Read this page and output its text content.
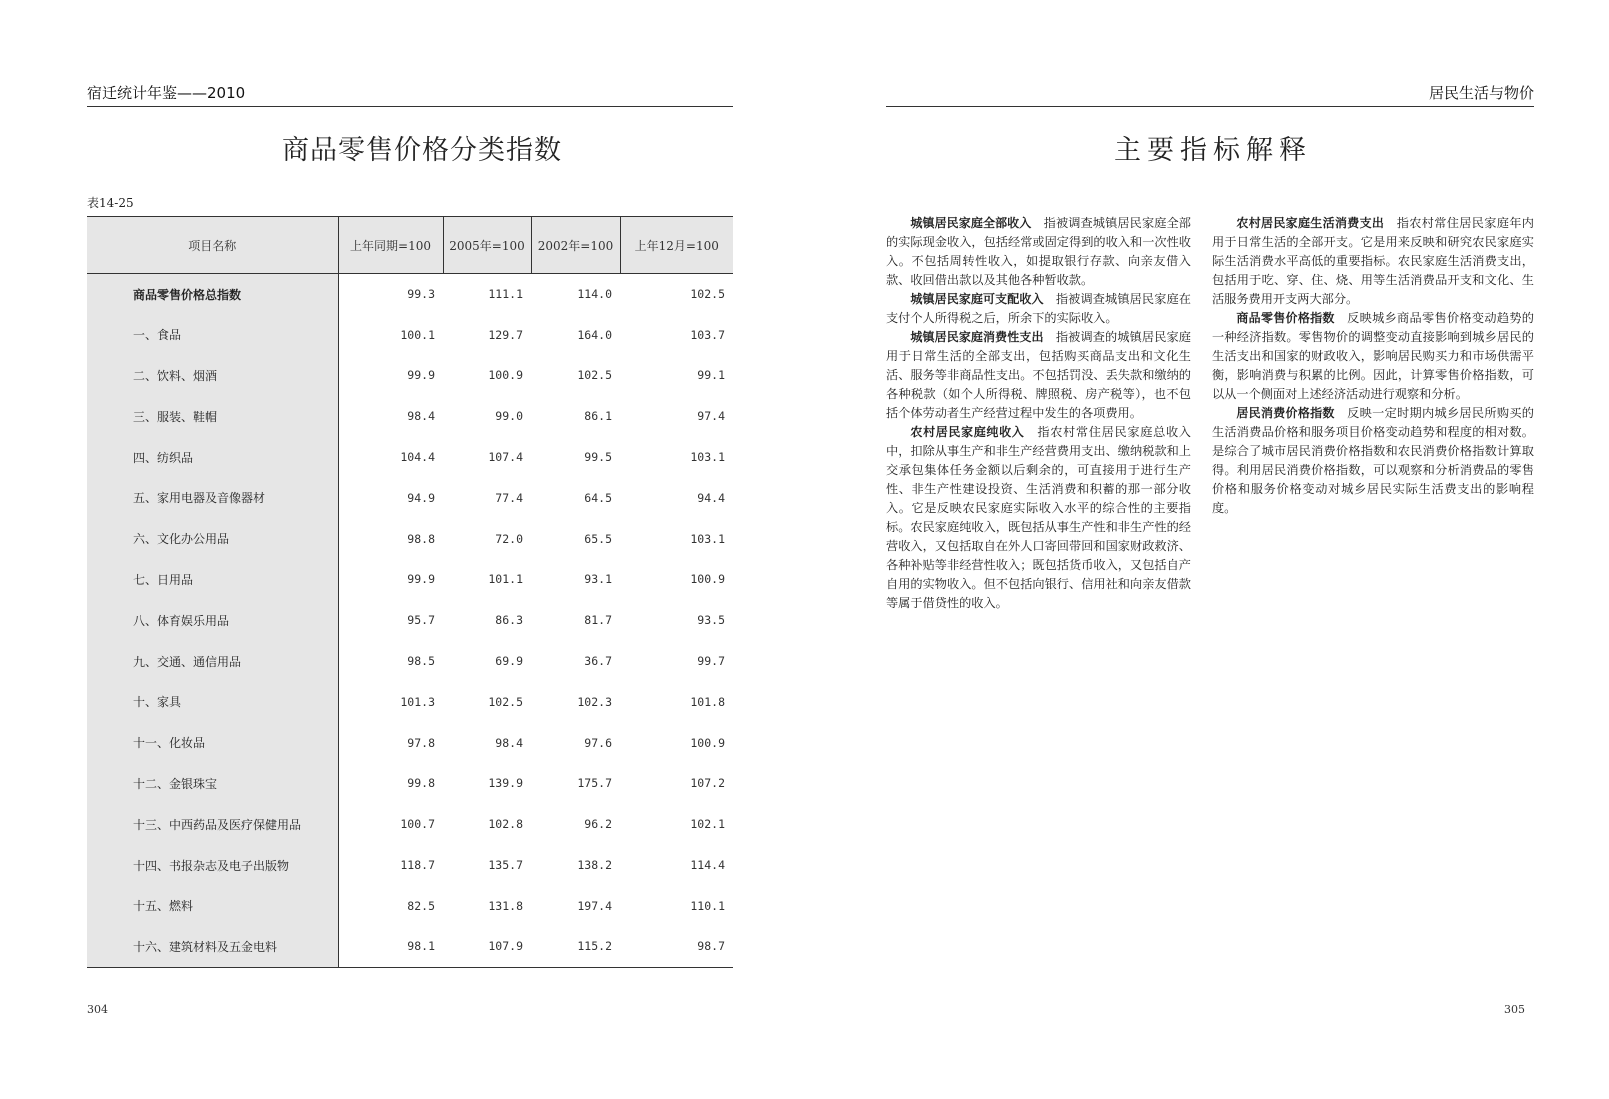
宿迁统计年鉴——2010
商品零售价格分类指数
表14-25
项目名称	上年同期=100	2005年=100	2002年=100	上年12月=100
商品零售价格总指数	99.3	111.1	114.0	102.5
一、食品	100.1	129.7	164.0	103.7
二、饮料、烟酒	99.9	100.9	102.5	99.1
三、服装、鞋帽	98.4	99.0	86.1	97.4
四、纺织品	104.4	107.4	99.5	103.1
五、家用电器及音像器材	94.9	77.4	64.5	94.4
六、文化办公用品	98.8	72.0	65.5	103.1
七、日用品	99.9	101.1	93.1	100.9
八、体育娱乐用品	95.7	86.3	81.7	93.5
九、交通、通信用品	98.5	69.9	36.7	99.7
十、家具	101.3	102.5	102.3	101.8
十一、化妆品	97.8	98.4	97.6	100.9
十二、金银珠宝	99.8	139.9	175.7	107.2
十三、中西药品及医疗保健用品	100.7	102.8	96.2	102.1
十四、书报杂志及电子出版物	118.7	135.7	138.2	114.4
十五、燃料	82.5	131.8	197.4	110.1
十六、建筑材料及五金电料	98.1	107.9	115.2	98.7
304
居民生活与物价
主要指标解释

城镇居民家庭全部收入 指被调查城镇居民家庭全部的实际现金收入，包括经常或固定得到的收入和一次性收入。不包括周转性收入，如提取银行存款、向亲友借入款、收回借出款以及其他各种暂收款。

城镇居民家庭可支配收入 指被调查城镇居民家庭在支付个人所得税之后，所余下的实际收入。

城镇居民家庭消费性支出 指被调查的城镇居民家庭用于日常生活的全部支出，包括购买商品支出和文化生活、服务等非商品性支出。不包括罚没、丢失款和缴纳的各种税款（如个人所得税、牌照税、房产税等），也不包括个体劳动者生产经营过程中发生的各项费用。

农村居民家庭纯收入 指农村常住居民家庭总收入中，扣除从事生产和非生产经营费用支出、缴纳税款和上交承包集体任务金额以后剩余的，可直接用于进行生产性、非生产性建设投资、生活消费和积蓄的那一部分收入。它是反映农民家庭实际收入水平的综合性的主要指标。农民家庭纯收入，既包括从事生产性和非生产性的经营收入，又包括取自在外人口寄回带回和国家财政救济、各种补贴等非经营性收入；既包括货币收入，又包括自产自用的实物收入。但不包括向银行、信用社和向亲友借款等属于借贷性的收入。

农村居民家庭生活消费支出 指农村常住居民家庭年内用于日常生活的全部开支。它是用来反映和研究农民家庭实际生活消费水平高低的重要指标。农民家庭生活消费支出，包括用于吃、穿、住、烧、用等生活消费品开支和文化、生活服务费用开支两大部分。

商品零售价格指数 反映城乡商品零售价格变动趋势的一种经济指数。零售物价的调整变动直接影响到城乡居民的生活支出和国家的财政收入，影响居民购买力和市场供需平衡，影响消费与积累的比例。因此，计算零售价格指数，可以从一个侧面对上述经济活动进行观察和分析。

居民消费价格指数 反映一定时期内城乡居民所购买的生活消费品价格和服务项目价格变动趋势和程度的相对数。是综合了城市居民消费价格指数和农民消费价格指数计算取得。利用居民消费价格指数，可以观察和分析消费品的零售价格和服务价格变动对城乡居民实际生活费支出的影响程度。

305
